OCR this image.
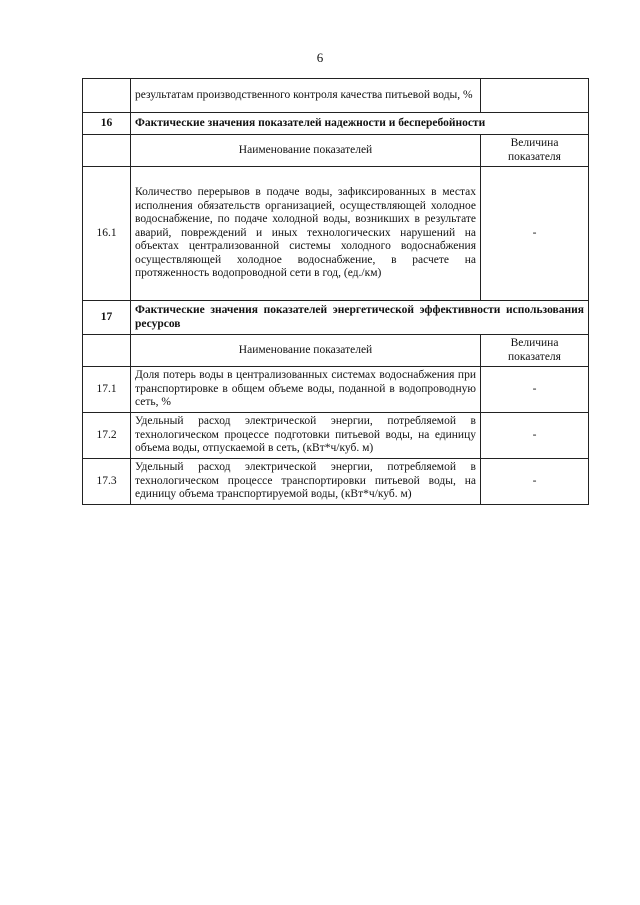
6
	результатам производственного контроля качества питьевой воды, %	
16	Фактические значения показателей надежности и бесперебойности	
	Наименование показателей	Величина показателя
16.1	Количество перерывов в подаче воды, зафиксированных в местах исполнения обязательств организацией, осуществляющей холодное водоснабжение, по подаче холодной воды, возникших в результате аварий, повреждений и иных технологических нарушений на объектах централизованной системы холодного водоснабжения осуществляющей холодное водоснабжение, в расчете на протяженность водопроводной сети в год, (ед./км)	-
17	Фактические значения показателей энергетической эффективности использования ресурсов	
	Наименование показателей	Величина показателя
17.1	Доля потерь воды в централизованных системах водоснабжения при транспортировке в общем объеме воды, поданной в водопроводную сеть, %	-
17.2	Удельный расход электрической энергии, потребляемой в технологическом процессе подготовки питьевой воды, на единицу объема воды, отпускаемой в сеть, (кВт*ч/куб. м)	-
17.3	Удельный расход электрической энергии, потребляемой в технологическом процессе транспортировки питьевой воды, на единицу объема транспортируемой воды, (кВт*ч/куб. м)	-
